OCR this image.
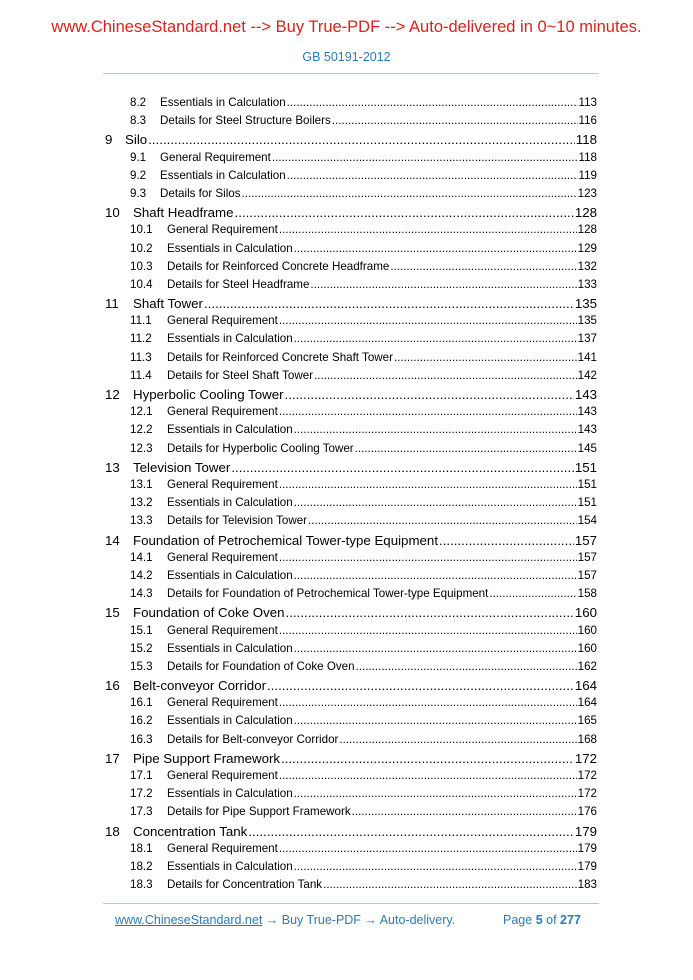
www.ChineseStandard.net --> Buy True-PDF --> Auto-delivered in 0~10 minutes.
GB 50191-2012
8.2	Essentials in Calculation .....	113
8.3	Details for Steel Structure Boilers .....	116
9 Silo .....	118
9.1	General Requirement .....	118
9.2	Essentials in Calculation .....	119
9.3	Details for Silos .....	123
10 Shaft Headframe .....	128
10.1	General Requirement .....	128
10.2	Essentials in Calculation .....	129
10.3	Details for Reinforced Concrete Headframe .....	132
10.4	Details for Steel Headframe .....	133
11	Shaft Tower .....	135
11.1	General Requirement .....	135
11.2	Essentials in Calculation .....	137
11.3	Details for Reinforced Concrete Shaft Tower .....	141
11.4	Details for Steel Shaft Tower .....	142
12 Hyperbolic Cooling Tower .....	143
12.1	General Requirement .....	143
12.2	Essentials in Calculation .....	143
12.3	Details for Hyperbolic Cooling Tower .....	145
13 Television Tower .....	151
13.1	General Requirement .....	151
13.2	Essentials in Calculation .....	151
13.3	Details for Television Tower .....	154
14 Foundation of Petrochemical Tower-type Equipment .....	157
14.1	General Requirement .....	157
14.2	Essentials in Calculation .....	157
14.3	Details for Foundation of Petrochemical Tower-type Equipment .....	158
15 Foundation of Coke Oven .....	160
15.1	General Requirement .....	160
15.2	Essentials in Calculation .....	160
15.3	Details for Foundation of Coke Oven .....	162
16 Belt-conveyor Corridor .....	164
16.1	General Requirement .....	164
16.2	Essentials in Calculation .....	165
16.3	Details for Belt-conveyor Corridor .....	168
17 Pipe Support Framework .....	172
17.1	General Requirement .....	172
17.2	Essentials in Calculation .....	172
17.3	Details for Pipe Support Framework .....	176
18 Concentration Tank .....	179
18.1	General Requirement .....	179
18.2	Essentials in Calculation .....	179
18.3	Details for Concentration Tank .....	183
www.ChineseStandard.net → Buy True-PDF → Auto-delivery.	Page 5 of 277
